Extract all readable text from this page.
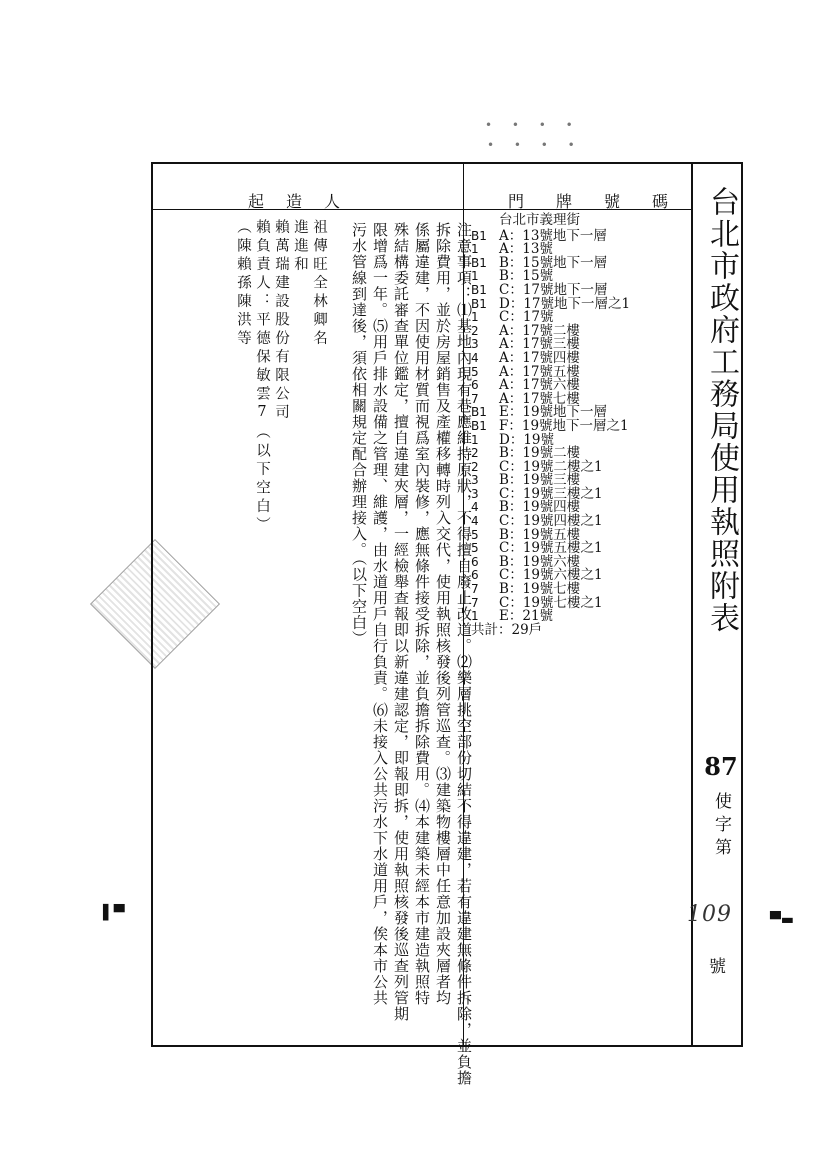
• • • •
• • • •
▌▀	▀▬
台北市政府工務局使用執照附表
87
使字第
109
號
門牌號碼
起造人
台北市義理街
B1 A：13號地下一層
1	A：13號
B1 B：15號地下一層
1	B：15號
B1 C：17號地下一層
B1 D：17號地下一層之1
1	C：17號
2	A：17號二樓
3	A：17號三樓
4	A：17號四樓
5	A：17號五樓
6	A：17號六樓
7	A：17號七樓
B1 E：19號地下一層
B1 F：19號地下一層之1
1	D：19號
2	B：19號二樓
2	C：19號二樓之1
3	B：19號三樓
3	C：19號三樓之1
4	B：19號四樓
4	C：19號四樓之1
5	B：19號五樓
5	C：19號五樓之1
6	B：19號六樓
6	C：19號六樓之1
7	B：19號七樓
7	C：19號七樓之1
1	E：21號
共計：29戶
注意事項：⑴基地內現有巷應維持原狀，不得擅自廢止改道。⑵樂層挑空部份切結不得違建，若有違建無條件拆除，並負擔
拆除費用，並於房屋銷售及產權移轉時列入交代，使用執照核發後列管巡查。⑶建築物樓層中任意加設夾層者均
係屬違建，不因使用材質而視爲室內裝修，應無條件接受拆除，並負擔拆除費用。⑷本建築未經本市建造執照特
殊結構委託審查單位鑑定，擅自違建夾層，一經檢舉查報即以新違建認定，即報即拆，使用執照核發後巡查列管期
限增爲一年。⑸用戶排水設備之管理、維護，由水道用戶自行負責。⑹未接入公共污水下水道用戶，俟本市公共
污水管線到達後，須依相關規定配合辦理接入。（以下空白）
祖傳旺全林卿名
進進和
賴萬瑞建設股份有限公司
賴負責人：平德保敏雲7（以下空白）
（陳賴孫陳洪等
